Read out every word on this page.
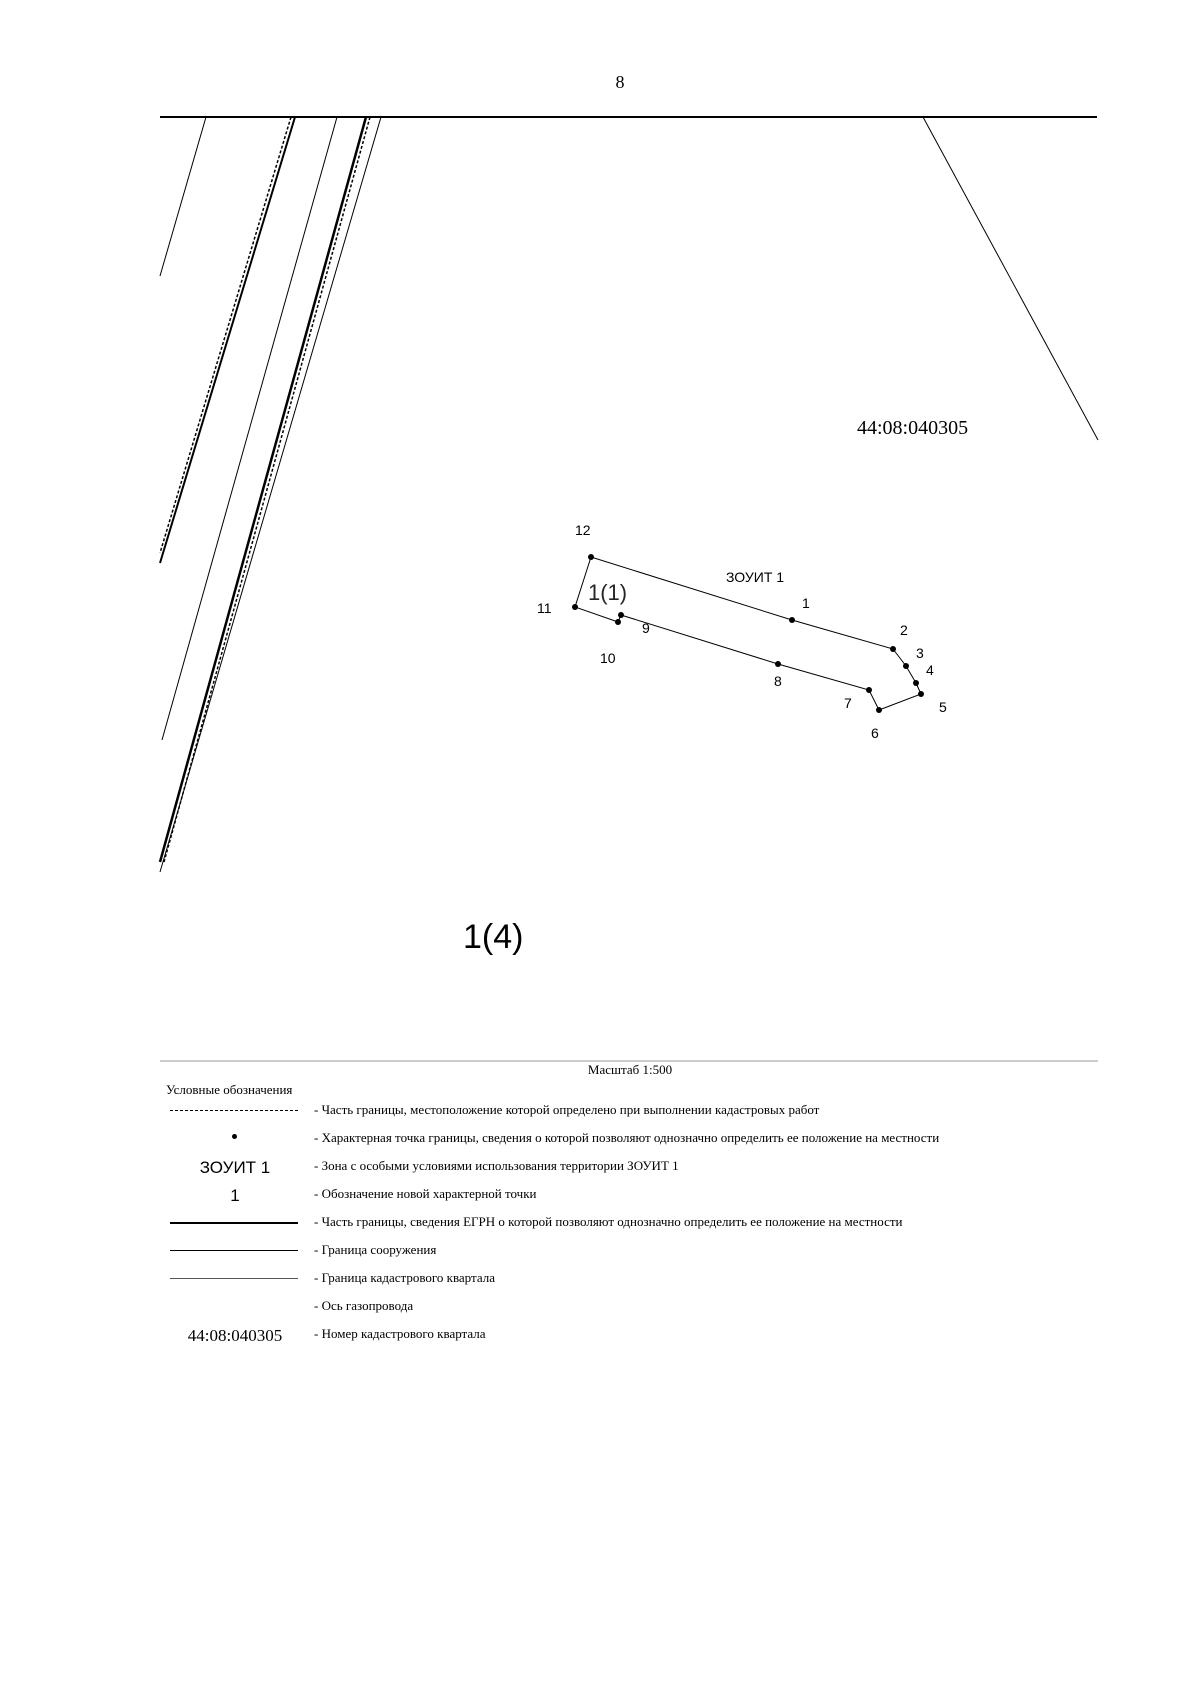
8
44:08:040305
1
2
3
4
5
6
7
8
9
10
11
12
ЗОУИТ 1
1(1)
1(4)
Масштаб 1:500
Условные обозначения
- Часть границы, местоположение которой определено при выполнении кадастровых работ
- Характерная точка границы, сведения о которой позволяют однозначно определить ее положение на местности
ЗОУИТ 1	- Зона с особыми условиями использования территории ЗОУИТ 1
1	- Обозначение новой характерной точки
- Часть границы, сведения ЕГРН о которой позволяют однозначно определить ее положение на местности
- Граница сооружения
- Граница кадастрового квартала
- Ось газопровода
44:08:040305	- Номер кадастрового квартала
